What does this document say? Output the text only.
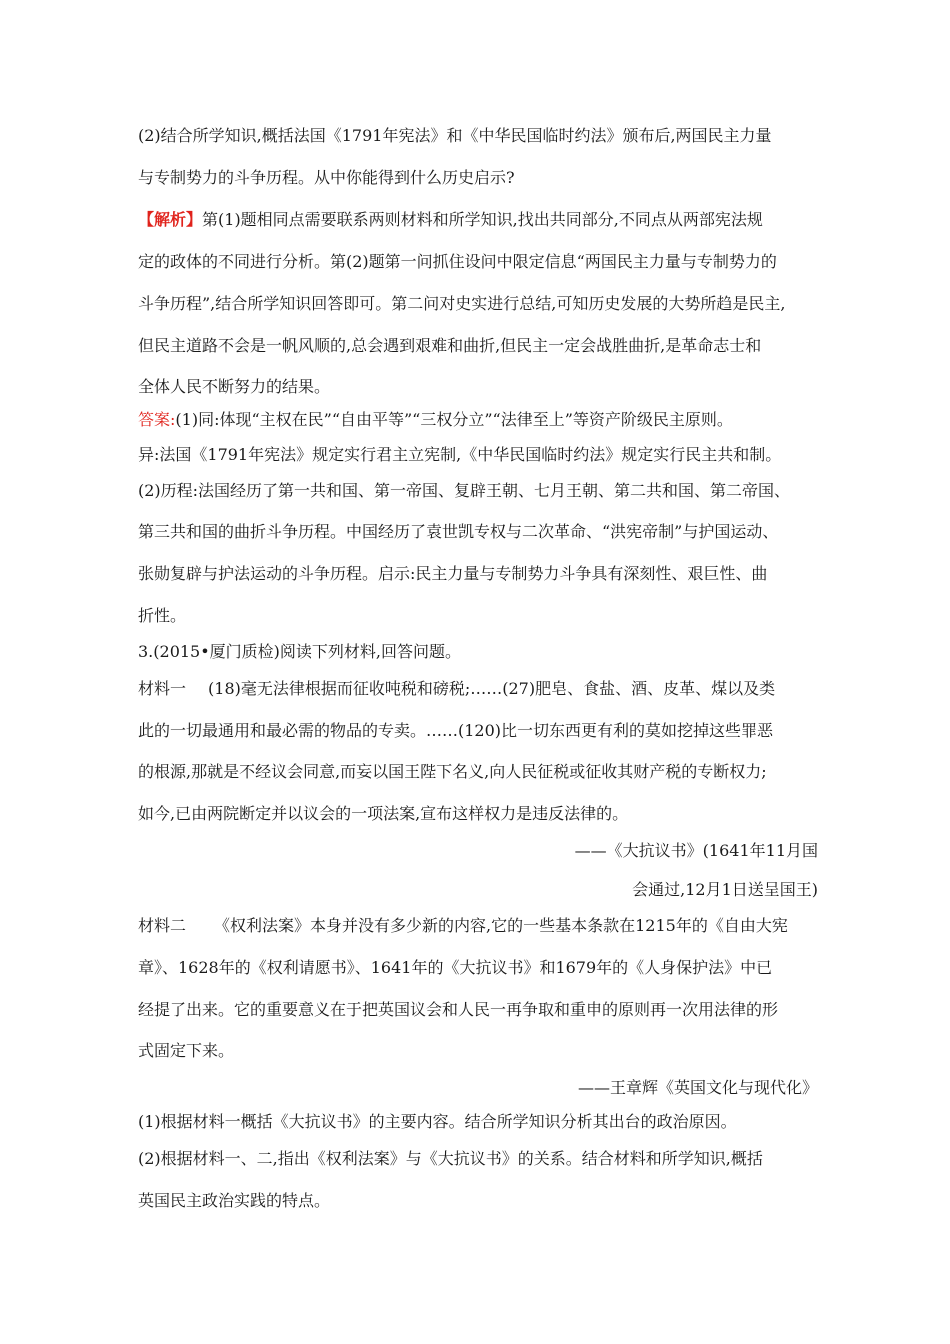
(2)结合所学知识,概括法国《1791年宪法》和《中华民国临时约法》颁布后,两国民主力量
与专制势力的斗争历程。从中你能得到什么历史启示?
【解析】第(1)题相同点需要联系两则材料和所学知识,找出共同部分,不同点从两部宪法规
定的政体的不同进行分析。第(2)题第一问抓住设问中限定信息“两国民主力量与专制势力的
斗争历程”,结合所学知识回答即可。第二问对史实进行总结,可知历史发展的大势所趋是民主,
但民主道路不会是一帆风顺的,总会遇到艰难和曲折,但民主一定会战胜曲折,是革命志士和
全体人民不断努力的结果。
答案:(1)同:体现“主权在民”“自由平等”“三权分立”“法律至上”等资产阶级民主原则。
异:法国《1791年宪法》规定实行君主立宪制,《中华民国临时约法》规定实行民主共和制。
(2)历程:法国经历了第一共和国、第一帝国、复辟王朝、七月王朝、第二共和国、第二帝国、
第三共和国的曲折斗争历程。中国经历了袁世凯专权与二次革命、“洪宪帝制”与护国运动、
张勋复辟与护法运动的斗争历程。启示:民主力量与专制势力斗争具有深刻性、艰巨性、曲
折性。
3.(2015•厦门质检)阅读下列材料,回答问题。
材料一 (18)毫无法律根据而征收吨税和磅税;……(27)肥皂、食盐、酒、皮革、煤以及类
此的一切最通用和最必需的物品的专卖。……(120)比一切东西更有利的莫如挖掉这些罪恶
的根源,那就是不经议会同意,而妄以国王陛下名义,向人民征税或征收其财产税的专断权力;
如今,已由两院断定并以议会的一项法案,宣布这样权力是违反法律的。
——《大抗议书》(1641年11月国
会通过,12月1日送呈国王)
材料二 《权利法案》本身并没有多少新的内容,它的一些基本条款在1215年的《自由大宪
章》、1628年的《权利请愿书》、1641年的《大抗议书》和1679年的《人身保护法》中已
经提了出来。它的重要意义在于把英国议会和人民一再争取和重申的原则再一次用法律的形
式固定下来。
——王章辉《英国文化与现代化》
(1)根据材料一概括《大抗议书》的主要内容。结合所学知识分析其出台的政治原因。
(2)根据材料一、二,指出《权利法案》与《大抗议书》的关系。结合材料和所学知识,概括
英国民主政治实践的特点。
